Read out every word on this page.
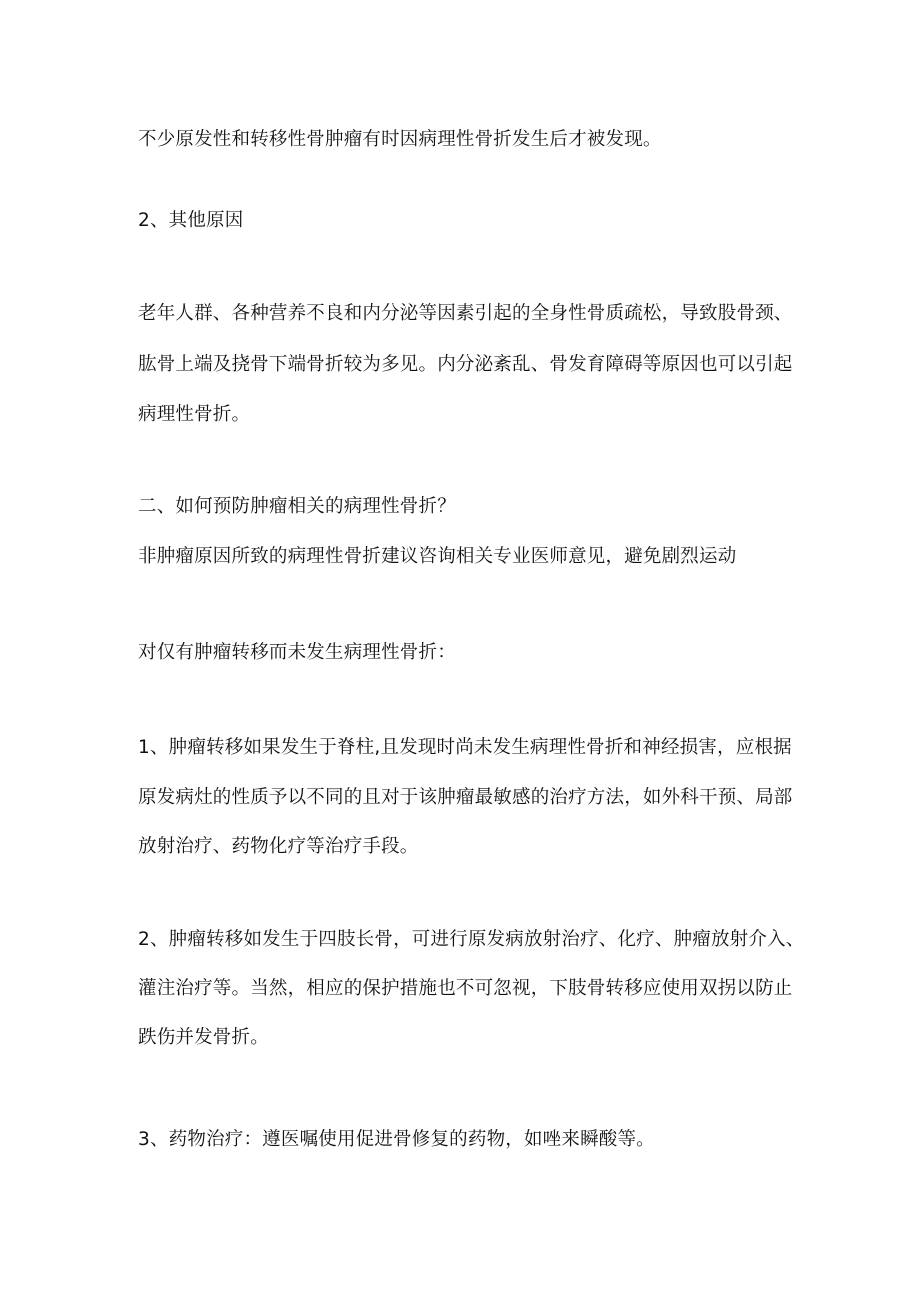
不少原发性和转移性骨肿瘤有时因病理性骨折发生后才被发现。
2、其他原因
老年人群、各种营养不良和内分泌等因素引起的全身性骨质疏松，导致股骨颈、
肱骨上端及挠骨下端骨折较为多见。内分泌紊乱、骨发育障碍等原因也可以引起
病理性骨折。
二、如何预防肿瘤相关的病理性骨折？
非肿瘤原因所致的病理性骨折建议咨询相关专业医师意见，避免剧烈运动
对仅有肿瘤转移而未发生病理性骨折：
1、肿瘤转移如果发生于脊柱,且发现时尚未发生病理性骨折和神经损害，应根据
原发病灶的性质予以不同的且对于该肿瘤最敏感的治疗方法，如外科干预、局部
放射治疗、药物化疗等治疗手段。
2、肿瘤转移如发生于四肢长骨，可进行原发病放射治疗、化疗、肿瘤放射介入、
灌注治疗等。当然，相应的保护措施也不可忽视，下肢骨转移应使用双拐以防止
跌伤并发骨折。
3、药物治疗：遵医嘱使用促进骨修复的药物，如唑来瞬酸等。
